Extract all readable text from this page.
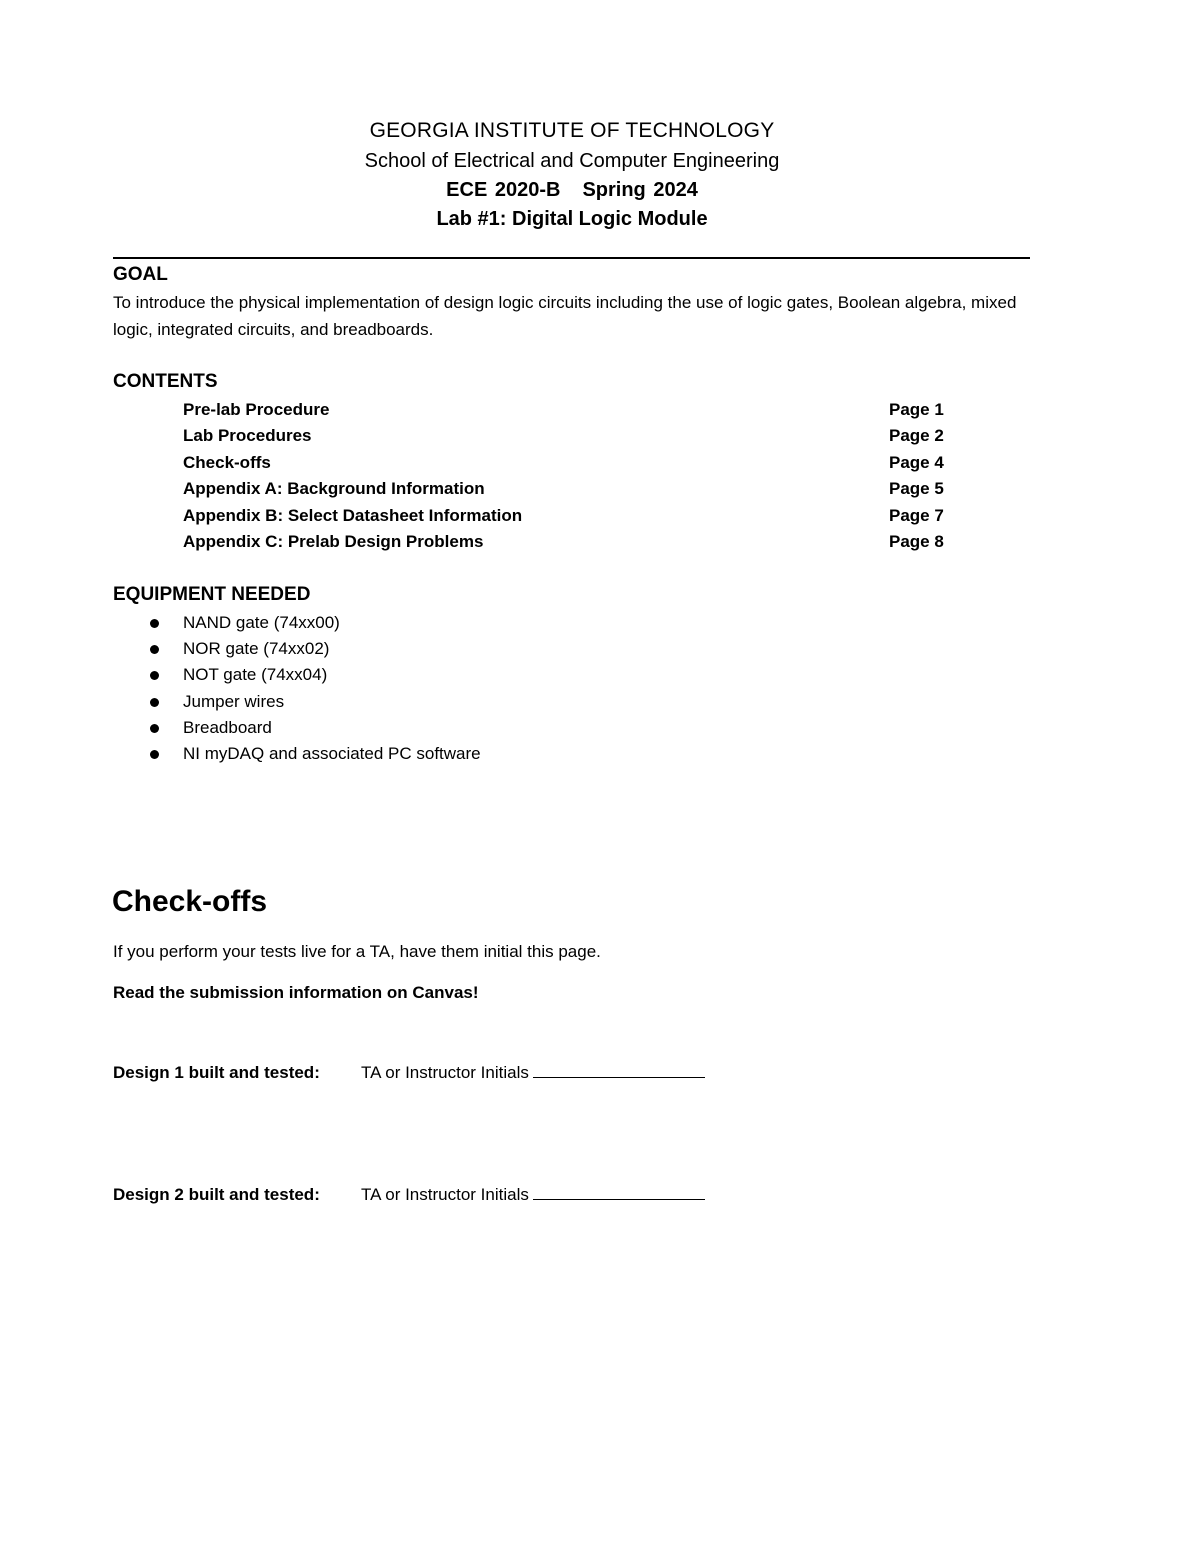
GEORGIA INSTITUTE OF TECHNOLOGY
School of Electrical and Computer Engineering
ECE 2020-B Spring 2024
Lab #1: Digital Logic Module
GOAL
To introduce the physical implementation of design logic circuits including the use of logic gates, Boolean algebra, mixed logic, integrated circuits, and breadboards.
CONTENTS
Pre-lab Procedure	Page 1
Lab Procedures	Page 2
Check-offs	Page 4
Appendix A: Background Information	Page 5
Appendix B: Select Datasheet Information	Page 7
Appendix C: Prelab Design Problems	Page 8
EQUIPMENT NEEDED
NAND gate (74xx00)
NOR gate (74xx02)
NOT gate (74xx04)
Jumper wires
Breadboard
NI myDAQ and associated PC software
Check-offs
If you perform your tests live for a TA, have them initial this page.
Read the submission information on Canvas!
Design 1 built and tested: TA or Instructor Initials
Design 2 built and tested: TA or Instructor Initials
